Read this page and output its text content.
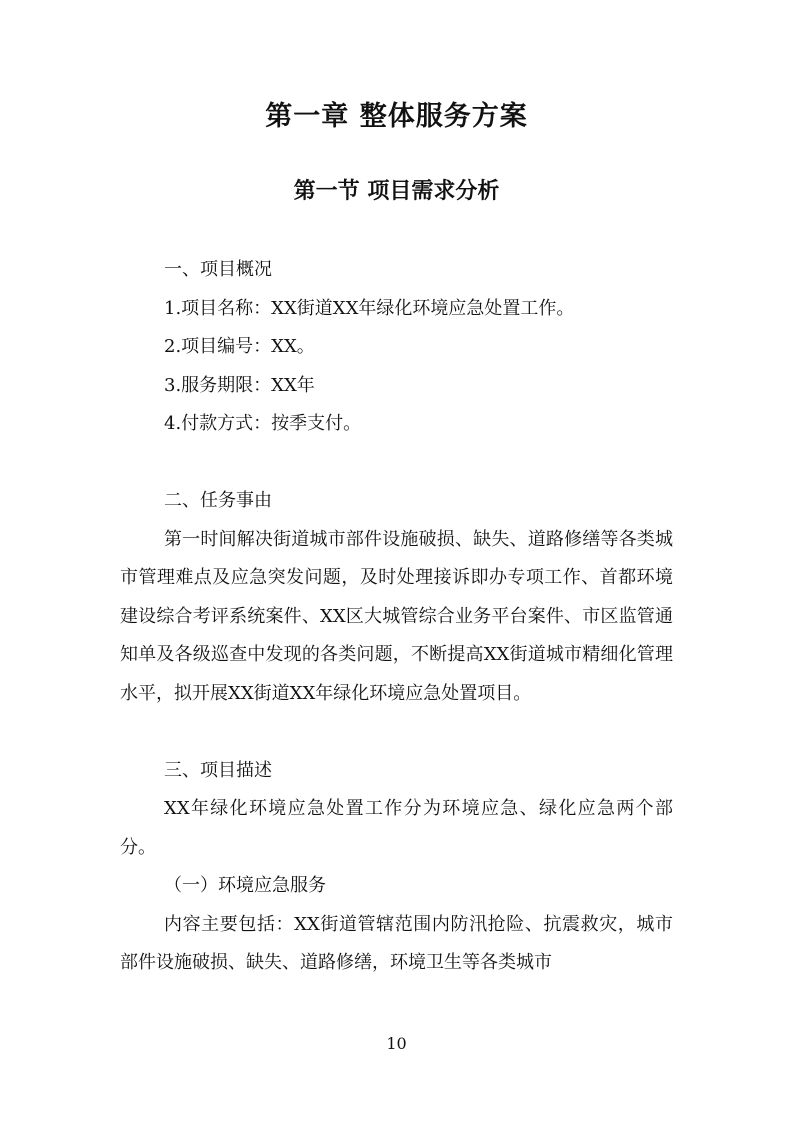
第一章 整体服务方案
第一节 项目需求分析

一、项目概况

1.项目名称：XX街道XX年绿化环境应急处置工作。

2.项目编号：XX。

3.服务期限：XX年

4.付款方式：按季支付。

二、任务事由

第一时间解决街道城市部件设施破损、缺失、道路修缮等各类城市管理难点及应急突发问题，及时处理接诉即办专项工作、首都环境建设综合考评系统案件、XX区大城管综合业务平台案件、市区监管通知单及各级巡查中发现的各类问题，不断提高XX街道城市精细化管理水平，拟开展XX街道XX年绿化环境应急处置项目。

三、项目描述

XX年绿化环境应急处置工作分为环境应急、绿化应急两个部分。

（一）环境应急服务

内容主要包括：XX街道管辖范围内防汛抢险、抗震救灾，城市部件设施破损、缺失、道路修缮，环境卫生等各类城市

10
